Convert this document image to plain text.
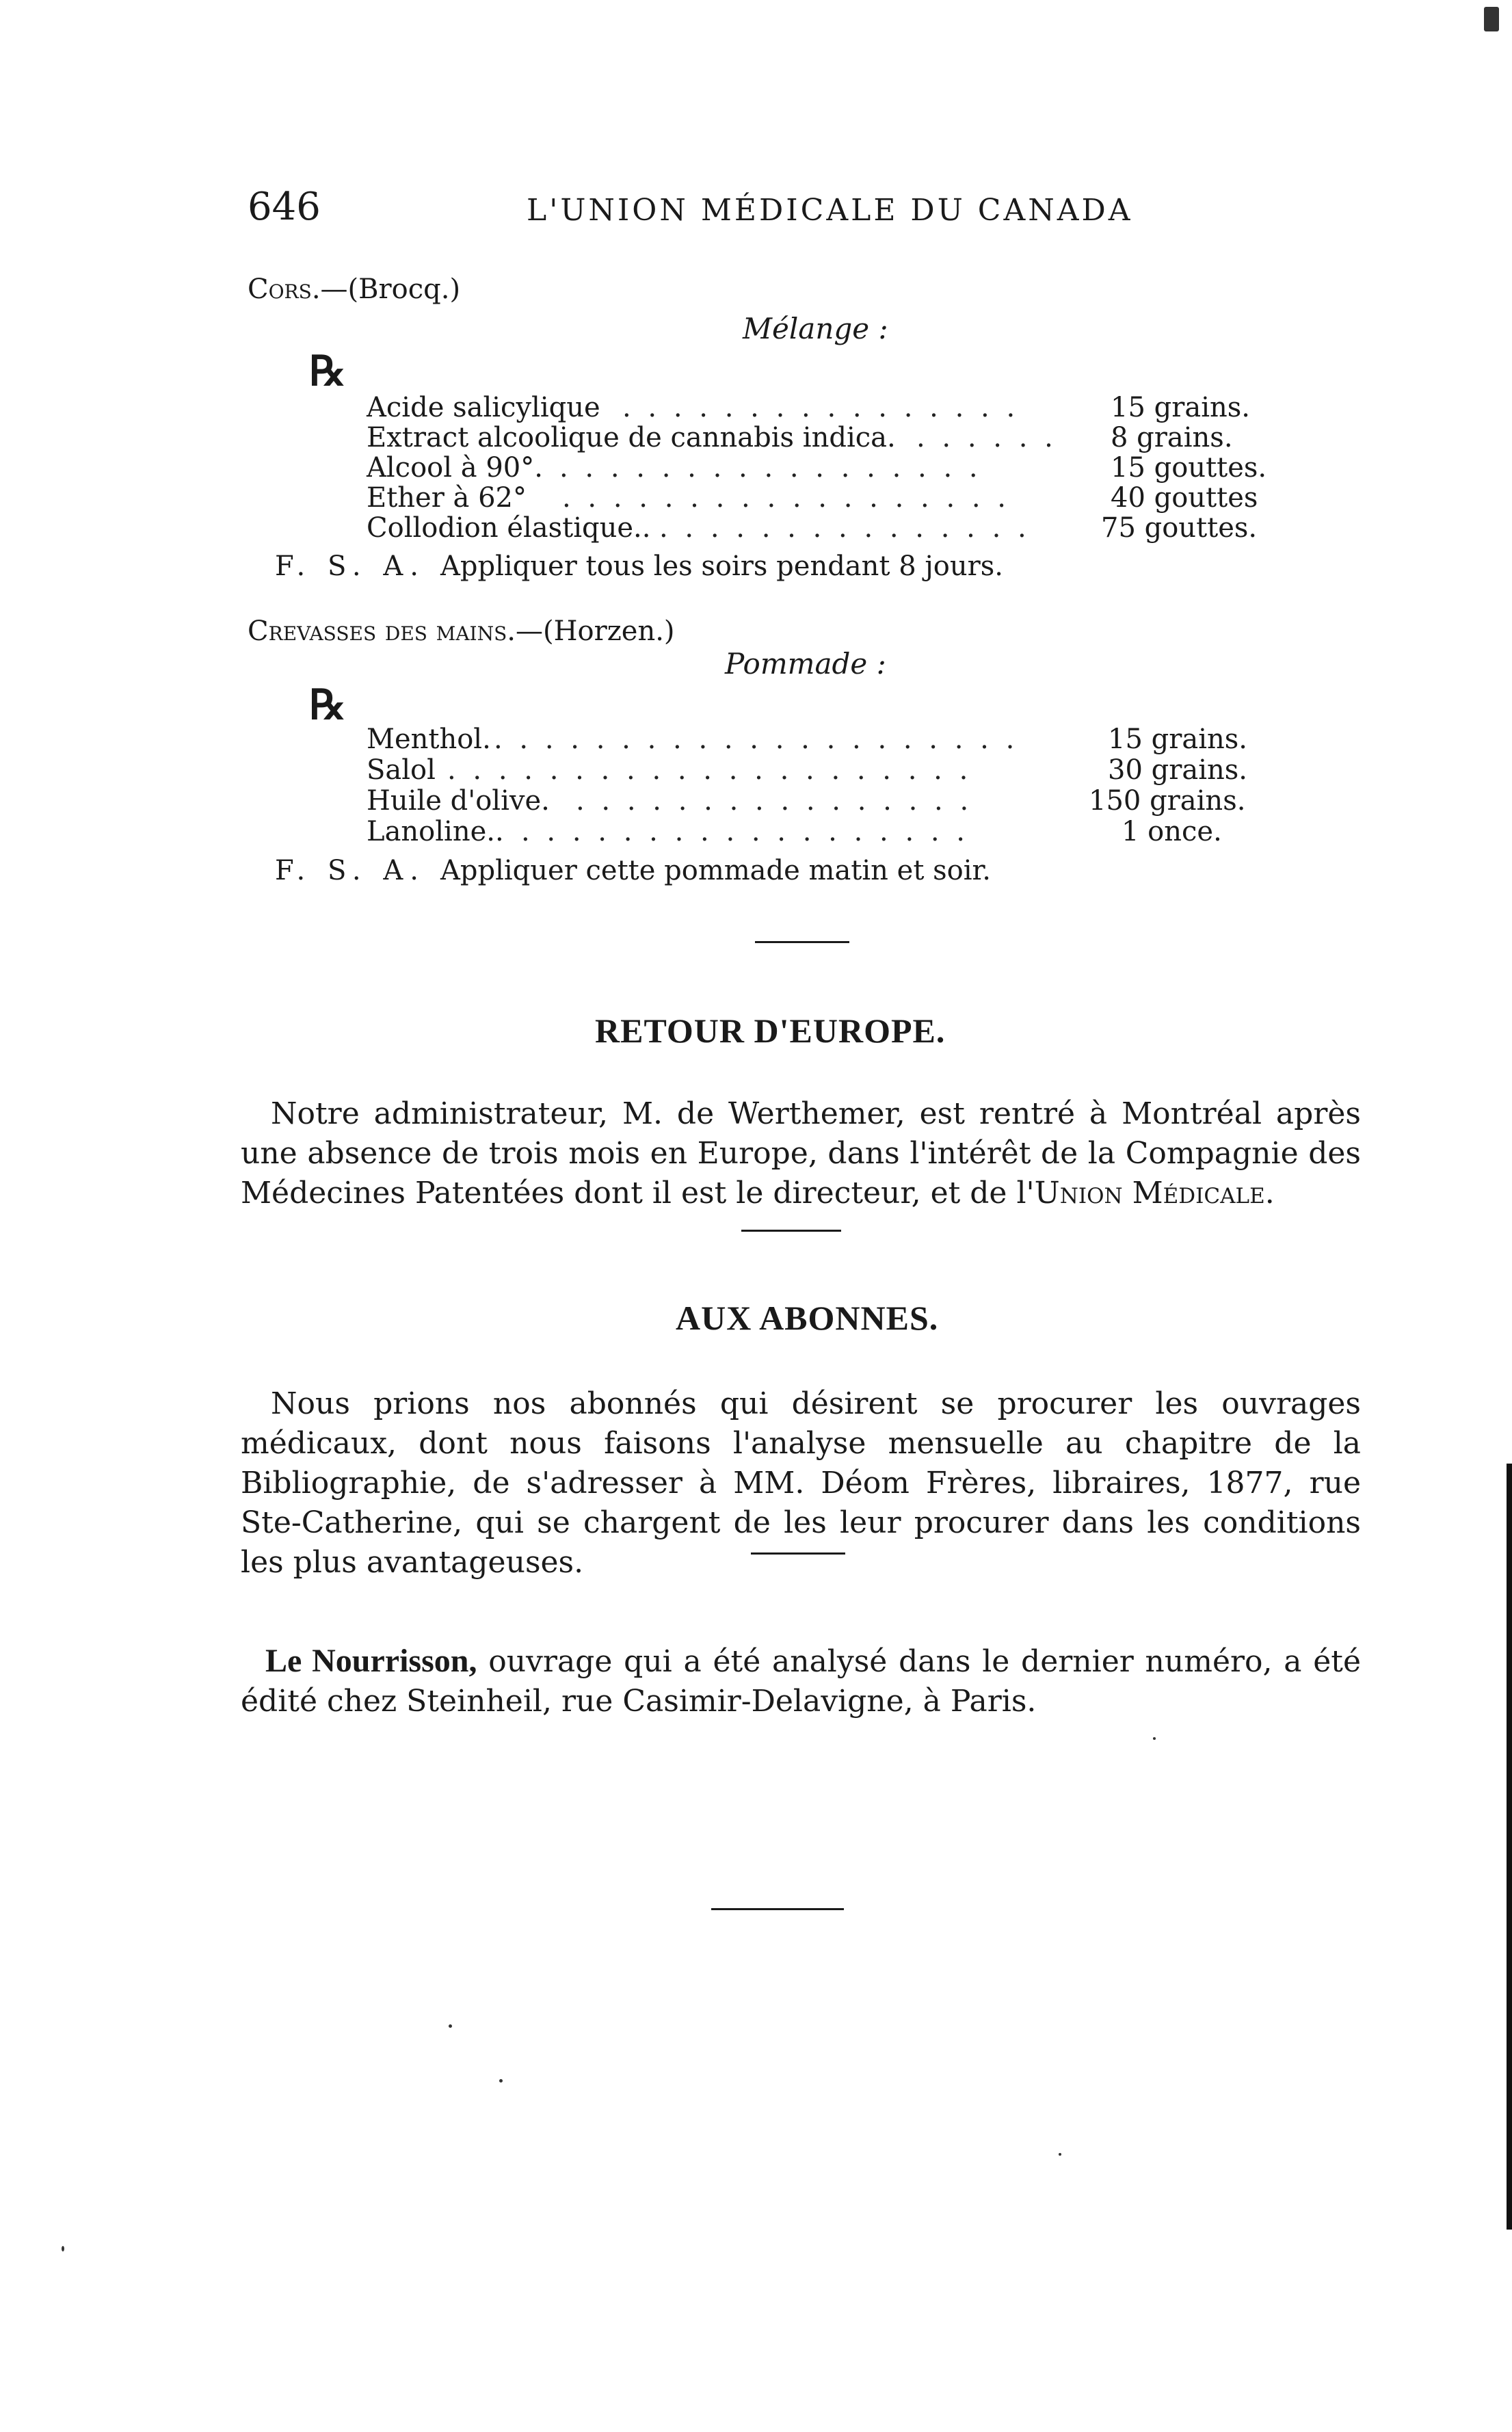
646	L'UNION MÉDICALE DU CANADA
Cors.—(Brocq.)
Mélange :
℞
Acide salicylique . . . . . . . . . . . . . . . .	15 grains.
Extract alcoolique de cannabis indica. . . . . . . 8 grains.
Alcool à 90°. . . . . . . . . . . . . . . . . .	15 gouttes.
Ether à 62° . . . . . . . . . . . . . . . . . .	40 gouttes
Collodion élastique.. . . . . . . . . . . . . . . .	75 gouttes.
F. S. A. Appliquer tous les soirs pendant 8 jours.
Crevasses des mains.—(Horzen.)
Pommade :
℞
Menthol. . . . . . . . . . . . . . . . . . . . . .	15 grains.
Salol . . . . . . . . . . . . . . . . . . . . .	30 grains.
Huile d'olive. . . . . . . . . . . . . . . . .	150 grains.
Lanoline.. . . . . . . . . . . . . . . . . . .	1 once.
F. S. A. Appliquer cette pommade matin et soir.
RETOUR D'EUROPE.
Notre administrateur, M. de Werthemer, est rentré à Montréal après une absence de trois mois en Europe, dans l'intérêt de la Compagnie des Médecines Patentées dont il est le directeur, et de l'Union Médicale.
AUX ABONNES.
Nous prions nos abonnés qui désirent se procurer les ouvrages médicaux, dont nous faisons l'analyse mensuelle au chapitre de la Bibliographie, de s'adresser à MM. Déom Frères, libraires, 1877, rue Ste-Catherine, qui se chargent de les leur procurer dans les conditions les plus avantageuses.
Le Nourrisson, ouvrage qui a été analysé dans le dernier numéro, a été édité chez Steinheil, rue Casimir-Delavigne, à Paris.
